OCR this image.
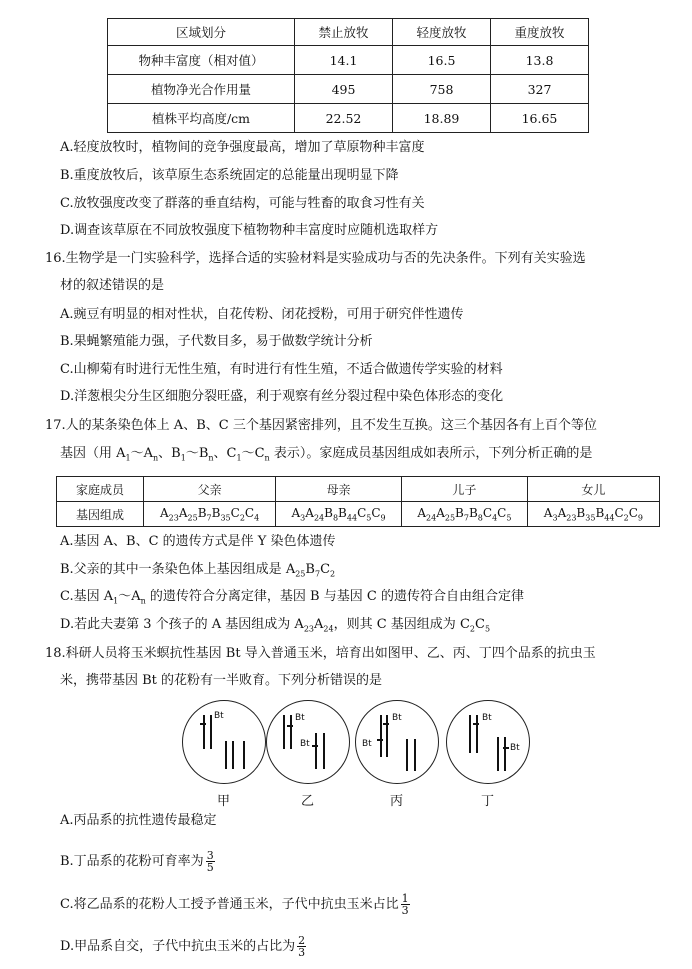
区域划分	禁止放牧	轻度放牧	重度放牧
物种丰富度（相对值）	14.1	16.5	13.8
植物净光合作用量	495	758	327
植株平均高度/cm	22.52	18.89	16.65
A.轻度放牧时，植物间的竞争强度最高，增加了草原物种丰富度
B.重度放牧后，该草原生态系统固定的总能量出现明显下降
C.放牧强度改变了群落的垂直结构，可能与牲畜的取食习性有关
D.调查该草原在不同放牧强度下植物物种丰富度时应随机选取样方
16.生物学是一门实验科学，选择合适的实验材料是实验成功与否的先决条件。下列有关实验选
材的叙述错误的是
A.豌豆有明显的相对性状，自花传粉、闭花授粉，可用于研究伴性遗传
B.果蝇繁殖能力强，子代数目多，易于做数学统计分析
C.山柳菊有时进行无性生殖，有时进行有性生殖，不适合做遗传学实验的材料
D.洋葱根尖分生区细胞分裂旺盛，利于观察有丝分裂过程中染色体形态的变化
17.人的某条染色体上 A、B、C 三个基因紧密排列，且不发生互换。这三个基因各有上百个等位
基因（用 $A_1\sim A_n$、$B_1\sim B_n$、$C_1\sim C_n$ 表示）。家庭成员基因组成如表所示，下列分析正确的是
家庭成员	父亲	母亲	儿子	女儿
基因组成	$A_{23}A_{25}B_7B_{35}C_2C_4$	$A_3A_{24}B_8B_{44}C_5C_9$	$A_{24}A_{25}B_7B_8C_4C_5$	$A_3A_{23}B_{35}B_{44}C_2C_9$
A.基因 A、B、C 的遗传方式是伴 Y 染色体遗传
B.父亲的其中一条染色体上基因组成是 $A_{25}B_7C_2$
C.基因 $A_1\sim A_n$ 的遗传符合分离定律，基因 B 与基因 C 的遗传符合自由组合定律
D.若此夫妻第 3 个孩子的 A 基因组成为 $A_{23}A_{24}$，则其 C 基因组成为 $C_2C_5$
18.科研人员将玉米螟抗性基因 Bt 导入普通玉米，培育出如图甲、乙、丙、丁四个品系的抗虫玉
米，携带基因 Bt 的花粉有一半败育。下列分析错误的是
Bt	Bt
Bt
Bt
Bt
Bt
Bt
甲	乙	丙	丁
A.丙品系的抗性遗传最稳定
B.丁品系的花粉可育率为 $\frac{3}{5}$
C.将乙品系的花粉人工授予普通玉米，子代中抗虫玉米占比 $\frac{1}{3}$
D.甲品系自交，子代中抗虫玉米的占比为 $\frac{2}{3}$
